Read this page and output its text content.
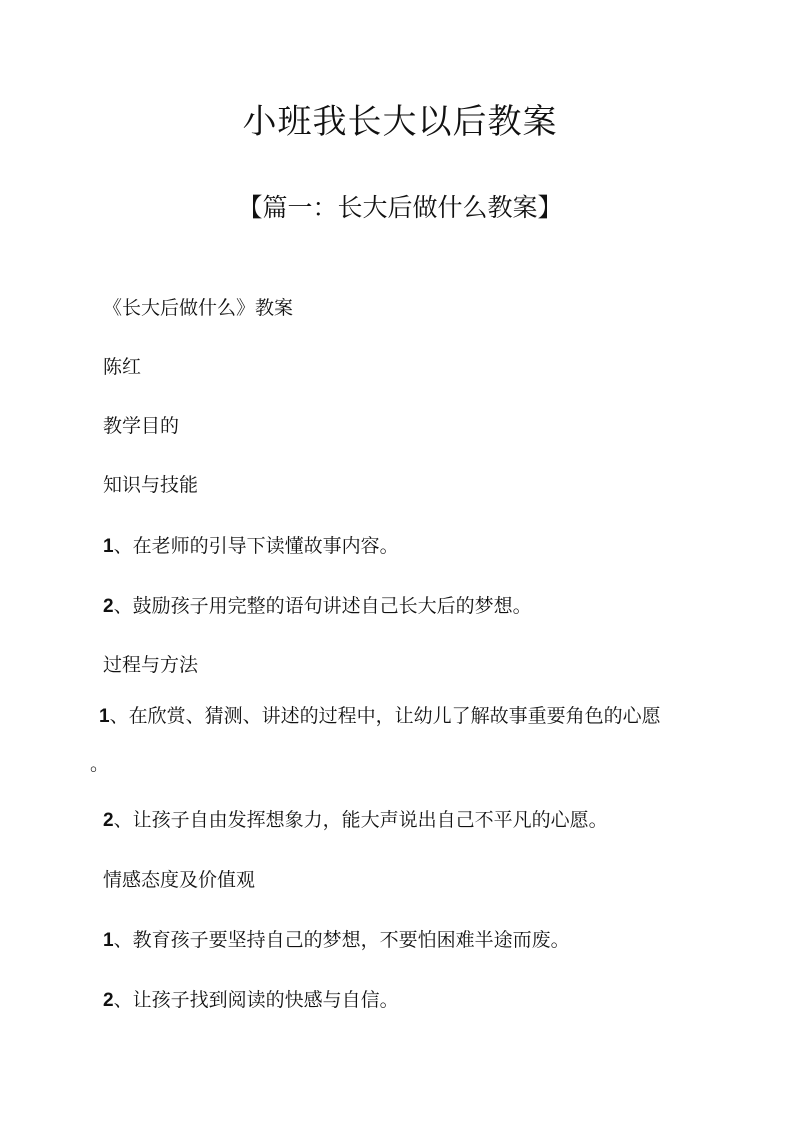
小班我长大以后教案
【篇一：长大后做什么教案】

《长大后做什么》教案

陈红

教学目的

知识与技能

1、在老师的引导下读懂故事内容。

2、鼓励孩子用完整的语句讲述自己长大后的梦想。

过程与方法

1、在欣赏、猜测、讲述的过程中，让幼儿了解故事重要角色的心愿

。

2、让孩子自由发挥想象力，能大声说出自己不平凡的心愿。

情感态度及价值观

1、教育孩子要坚持自己的梦想，不要怕困难半途而废。

2、让孩子找到阅读的快感与自信。
